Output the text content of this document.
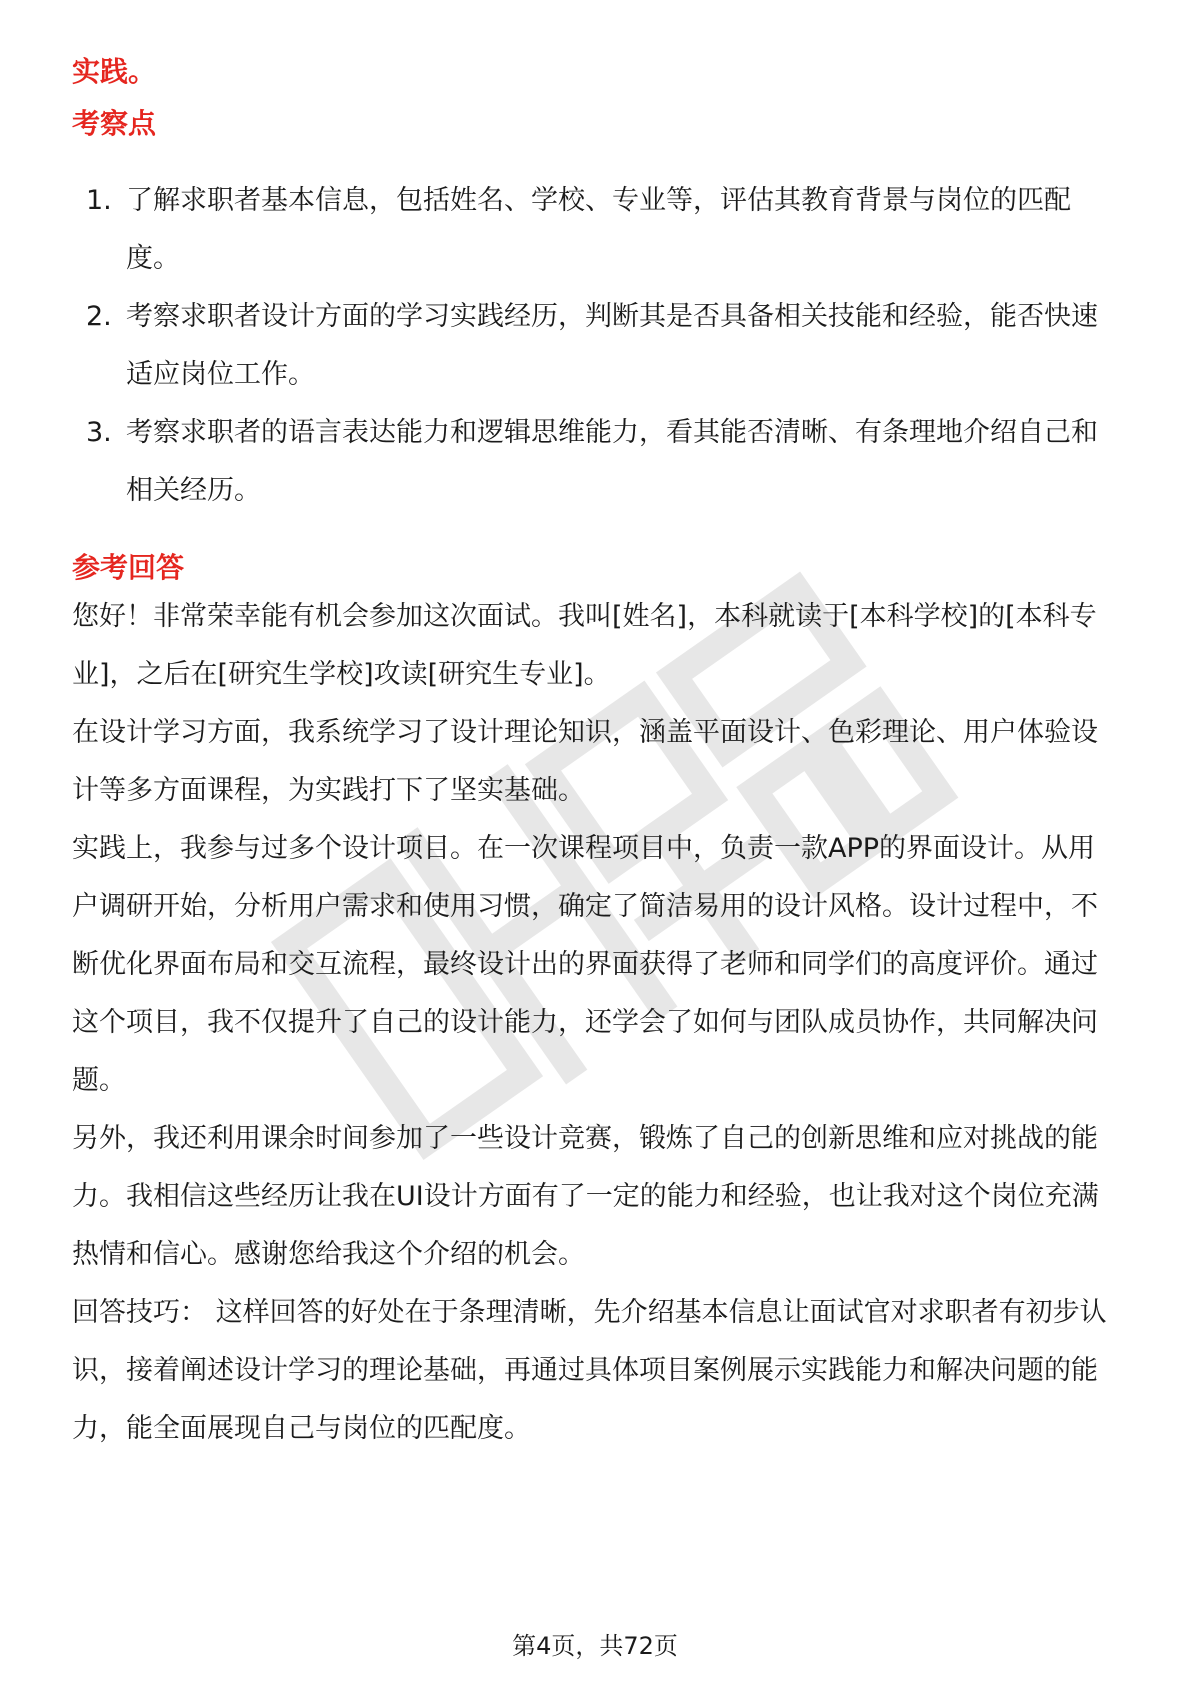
实践。
考察点
1. 了解求职者基本信息，包括姓名、学校、专业等，评估其教育背景与岗位的匹配度。
2. 考察求职者设计方面的学习实践经历，判断其是否具备相关技能和经验，能否快速适应岗位工作。
3. 考察求职者的语言表达能力和逻辑思维能力，看其能否清晰、有条理地介绍自己和相关经历。
参考回答

您好！非常荣幸能有机会参加这次面试。我叫[姓名]，本科就读于[本科学校]的[本科专业]，之后在[研究生学校]攻读[研究生专业]。

在设计学习方面，我系统学习了设计理论知识，涵盖平面设计、色彩理论、用户体验设计等多方面课程，为实践打下了坚实基础。

实践上，我参与过多个设计项目。在一次课程项目中，负责一款APP的界面设计。从用户调研开始，分析用户需求和使用习惯，确定了简洁易用的设计风格。设计过程中，不断优化界面布局和交互流程，最终设计出的界面获得了老师和同学们的高度评价。通过这个项目，我不仅提升了自己的设计能力，还学会了如何与团队成员协作，共同解决问题。

另外，我还利用课余时间参加了一些设计竞赛，锻炼了自己的创新思维和应对挑战的能力。我相信这些经历让我在UI设计方面有了一定的能力和经验，也让我对这个岗位充满热情和信心。感谢您给我这个介绍的机会。

回答技巧： 这样回答的好处在于条理清晰，先介绍基本信息让面试官对求职者有初步认识，接着阐述设计学习的理论基础，再通过具体项目案例展示实践能力和解决问题的能力，能全面展现自己与岗位的匹配度。

第4页，共72页
